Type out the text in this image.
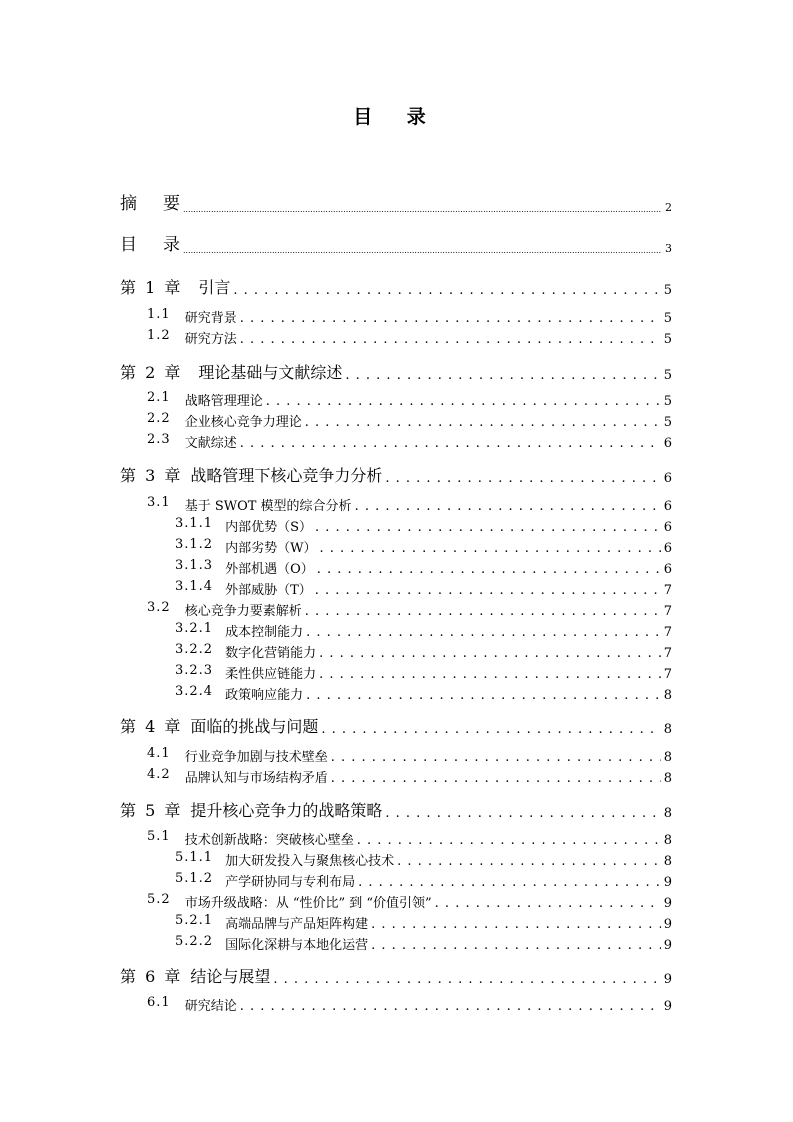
目 录
摘 要 .....	2
目 录 .....	3
第 1 章 引言 . . .	5
1.1 研究背景 . . .	5
1.2 研究方法 . . .	5
第 2 章 理论基础与文献综述 . . .	5
2.1 战略管理理论 . . .	5
2.2 企业核心竞争力理论 . . .	5
2.3 文献综述 . . .	6
第 3 章 战略管理下核心竞争力分析 . . .	6
3.1 基于 SWOT 模型的综合分析 . . .	6
3.1.1 内部优势（S） . . .	6
3.1.2 内部劣势（W） . . .	6
3.1.3 外部机遇（O） . . .	6
3.1.4 外部威胁（T） . . .	7
3.2 核心竞争力要素解析 . . .	7
3.2.1 成本控制能力 . . .	7
3.2.2 数字化营销能力 . . .	7
3.2.3 柔性供应链能力 . . .	7
3.2.4 政策响应能力 . . .	8
第 4 章 面临的挑战与问题 . . .	8
4.1 行业竞争加剧与技术壁垒 . . .	8
4.2 品牌认知与市场结构矛盾 . . .	8
第 5 章 提升核心竞争力的战略策略 . . .	8
5.1 技术创新战略：突破核心壁垒 . . .	8
5.1.1 加大研发投入与聚焦核心技术 . . .	8
5.1.2 产学研协同与专利布局 . . .	9
5.2 市场升级战略：从 “性价比” 到 “价值引领” . . .	9
5.2.1 高端品牌与产品矩阵构建 . . .	9
5.2.2 国际化深耕与本地化运营 . . .	9
第 6 章 结论与展望 . . .	9
6.1 研究结论 . . .	9
